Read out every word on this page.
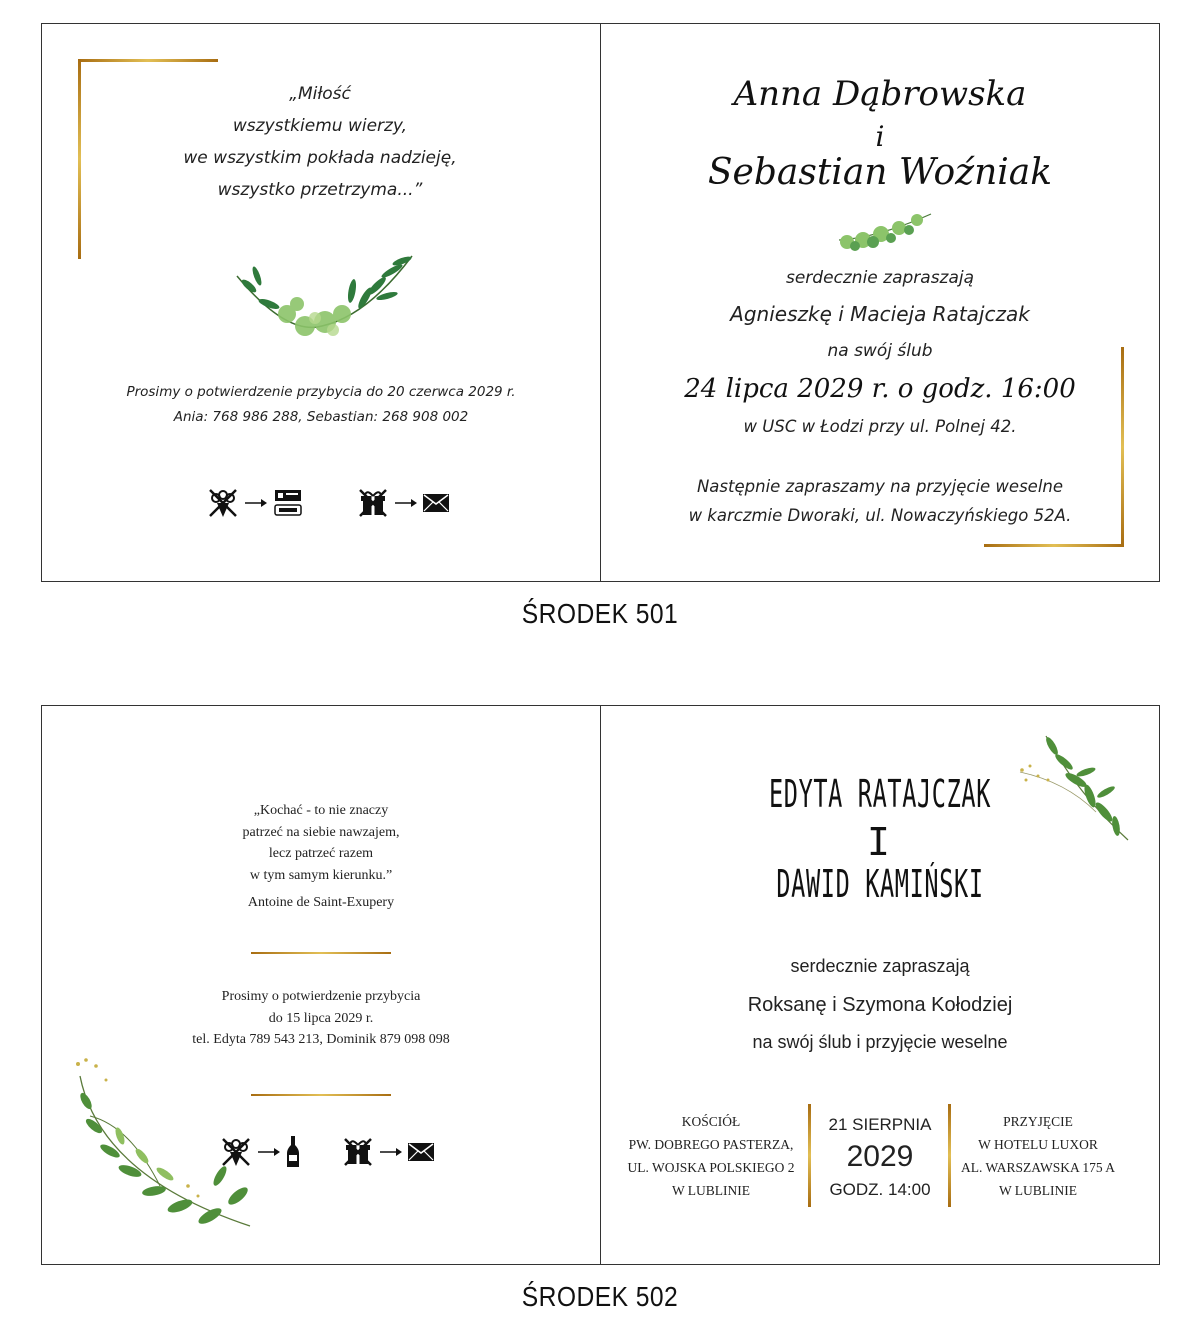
„Miłość
wszystkiemu wierzy,
we wszystkim pokłada nadzieję,
wszystko przetrzyma...”
Prosimy o potwierdzenie przybycia do 20 czerwca 2029 r.
Ania: 768 986 288, Sebastian: 268 908 002
Anna Dąbrowska
i
Sebastian Woźniak
serdecznie zapraszają
Agnieszkę i Macieja Ratajczak
na swój ślub
24 lipca 2029 r. o godz. 16:00
w USC w Łodzi przy ul. Polnej 42.
Następnie zapraszamy na przyjęcie weselne
w karczmie Dworaki, ul. Nowaczyńskiego 52A.
ŚRODEK 501
„Kochać - to nie znaczy
patrzeć na siebie nawzajem,
lecz patrzeć razem
w tym samym kierunku.”
Antoine de Saint-Exupery
Prosimy o potwierdzenie przybycia
do 15 lipca 2029 r.
tel. Edyta 789 543 213, Dominik 879 098 098
EDYTA RATAJCZAK
I
DAWID KAMIŃSKI
serdecznie zapraszają
Roksanę i Szymona Kołodziej
na swój ślub i przyjęcie weselne
KOŚCIÓŁ
PW. DOBREGO PASTERZA,
UL. WOJSKA POLSKIEGO 2
W LUBLINIE
21 SIERPNIA
2029
GODZ. 14:00
PRZYJĘCIE
W HOTELU LUXOR
AL. WARSZAWSKA 175 A
W LUBLINIE
ŚRODEK 502
